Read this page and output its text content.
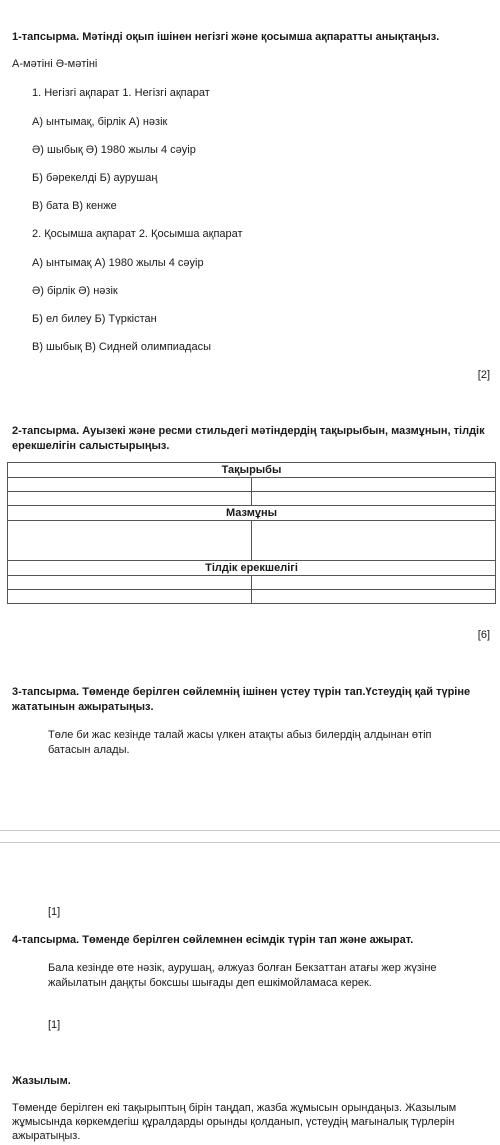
1-тапсырма. Мәтінді оқып ішінен негізгі және қосымша ақпаратты анықтаңыз.
А-мәтіні Ә-мәтіні
1. Негізгі ақпарат 1. Негізгі ақпарат
А) ынтымақ, бірлік А) нәзік
Ә) шыбық Ә) 1980 жылы 4 сәуір
Б) бәрекелді Б) аурушаң
В) бата В) кенже
2. Қосымша ақпарат 2. Қосымша ақпарат
А) ынтымақ А) 1980 жылы 4 сәуір
Ә) бірлік Ә) нәзік
Б) ел билеу Б) Түркістан
В) шыбық В) Сидней олимпиадасы
[2]
2-тапсырма. Ауызекі және ресми стильдегі мәтіндердің тақырыбын, мазмұнын, тілдік ерекшелігін салыстырыңыз.
Тақырыбы	

Мазмұны	

Тілдік ерекшелігі	

[6]
3-тапсырма. Төменде берілген сөйлемнің ішінен үстеу түрін тап.Үстеудің қай түріне жататынын ажыратыңыз.
Төле би жас кезінде талай жасы үлкен атақты абыз билердің алдынан өтіп батасын алады.
[1]
4-тапсырма. Төменде берілген сөйлемнен есімдік түрін тап және ажырат.
Бала кезінде өте нәзік, аурушаң, әлжуаз болған Бекзаттан атағы жер жүзіне жайылатын даңқты боксшы шығады деп ешкімойламаса керек.
[1]
Жазылым.
Төменде берілген екі тақырыптың бірін таңдап, жазба жұмысын орындаңыз. Жазылым жұмысында көркемдегіш құралдарды орынды қолданып, үстеудің мағыналық түрлерін ажыратыңыз.
